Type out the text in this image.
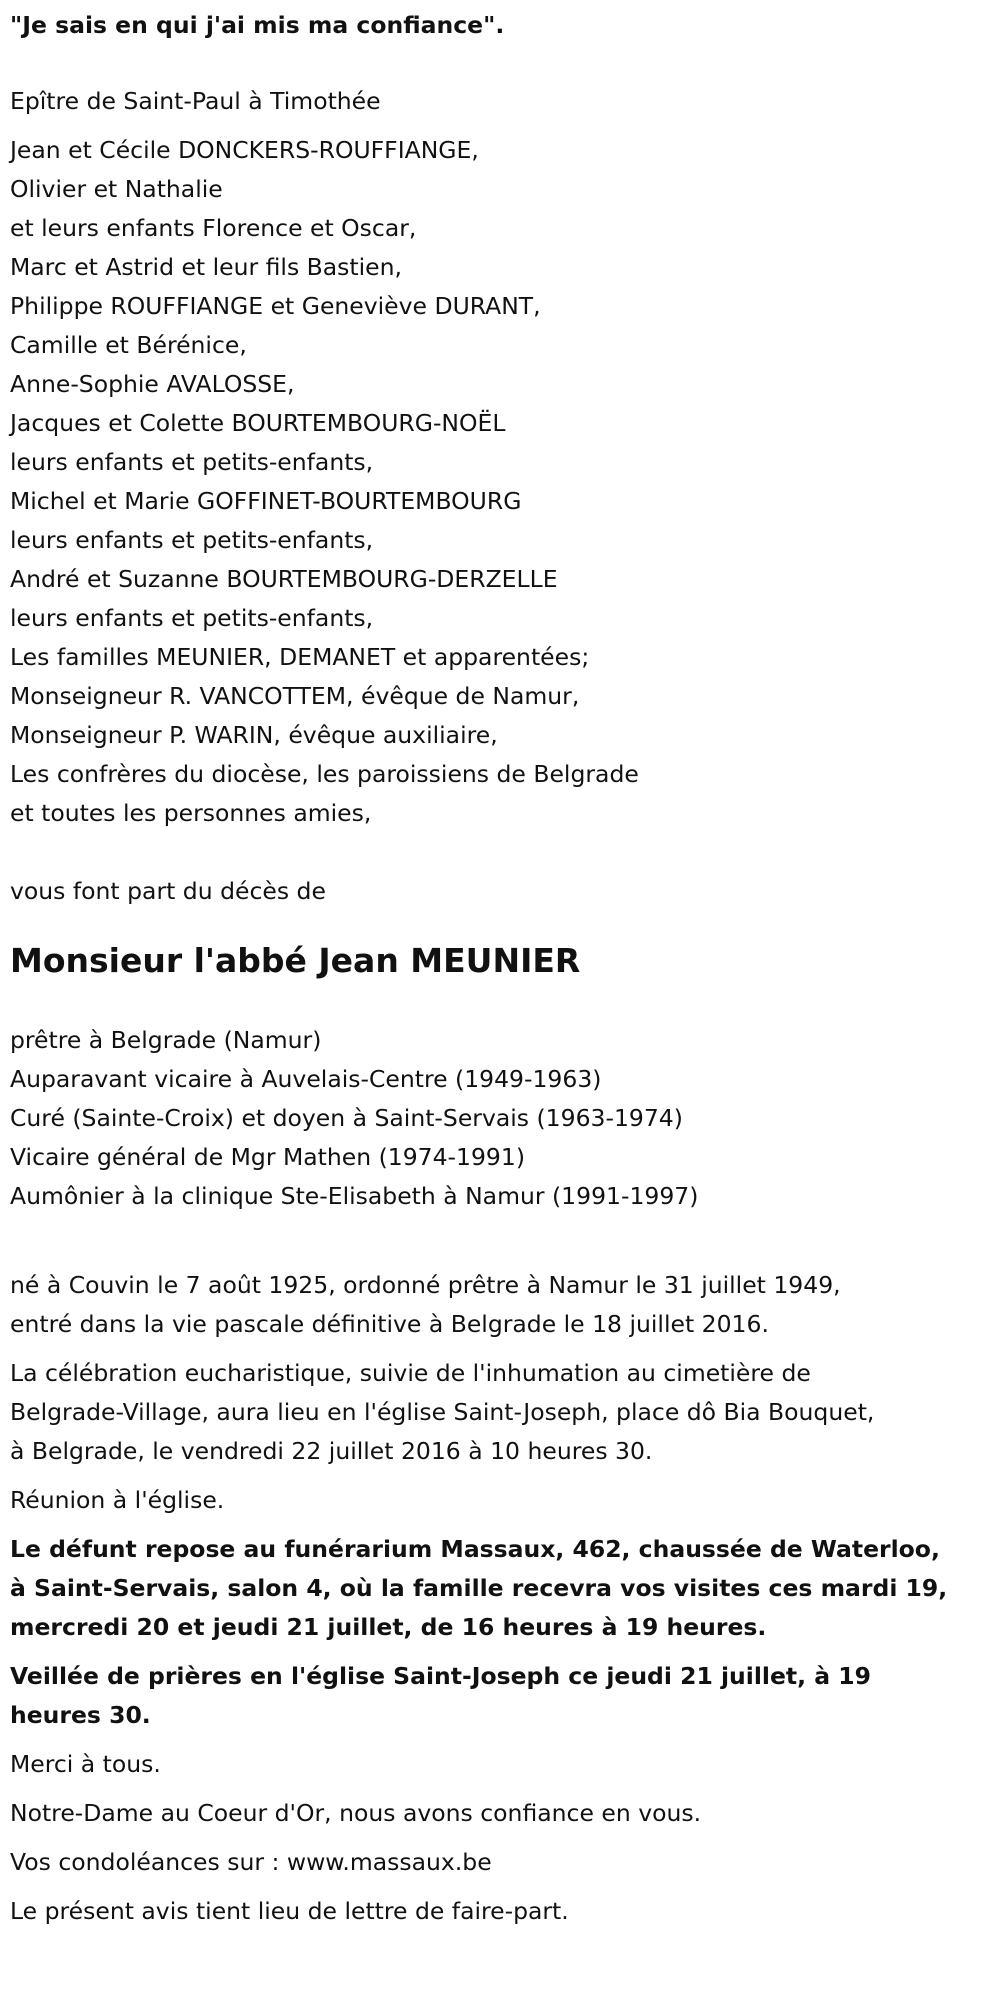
"Je sais en qui j'ai mis ma confiance".

Epître de Saint-Paul à Timothée

Jean et Cécile DONCKERS-ROUFFIANGE,

Olivier et Nathalie

et leurs enfants Florence et Oscar,

Marc et Astrid et leur fils Bastien,

Philippe ROUFFIANGE et Geneviève DURANT,

Camille et Bérénice,

Anne-Sophie AVALOSSE,

Jacques et Colette BOURTEMBOURG-NOËL

leurs enfants et petits-enfants,

Michel et Marie GOFFINET-BOURTEMBOURG

leurs enfants et petits-enfants,

André et Suzanne BOURTEMBOURG-DERZELLE

leurs enfants et petits-enfants,

Les familles MEUNIER, DEMANET et apparentées;

Monseigneur R. VANCOTTEM, évêque de Namur,

Monseigneur P. WARIN, évêque auxiliaire,

Les confrères du diocèse, les paroissiens de Belgrade

et toutes les personnes amies,

vous font part du décès de

Monsieur l'abbé Jean MEUNIER

prêtre à Belgrade (Namur)

Auparavant vicaire à Auvelais-Centre (1949-1963)

Curé (Sainte-Croix) et doyen à Saint-Servais (1963-1974)

Vicaire général de Mgr Mathen (1974-1991)

Aumônier à la clinique Ste-Elisabeth à Namur (1991-1997)

né à Couvin le 7 août 1925, ordonné prêtre à Namur le 31 juillet 1949,

entré dans la vie pascale définitive à Belgrade le 18 juillet 2016.

La célébration eucharistique, suivie de l'inhumation au cimetière de

Belgrade-Village, aura lieu en l'église Saint-Joseph, place dô Bia Bouquet,

à Belgrade, le vendredi 22 juillet 2016 à 10 heures 30.

Réunion à l'église.

Le défunt repose au funérarium Massaux, 462, chaussée de Waterloo,

à Saint-Servais, salon 4, où la famille recevra vos visites ces mardi 19,

mercredi 20 et jeudi 21 juillet, de 16 heures à 19 heures.

Veillée de prières en l'église Saint-Joseph ce jeudi 21 juillet, à 19

heures 30.

Merci à tous.

Notre-Dame au Coeur d'Or, nous avons confiance en vous.

Vos condoléances sur : www.massaux.be

Le présent avis tient lieu de lettre de faire-part.
